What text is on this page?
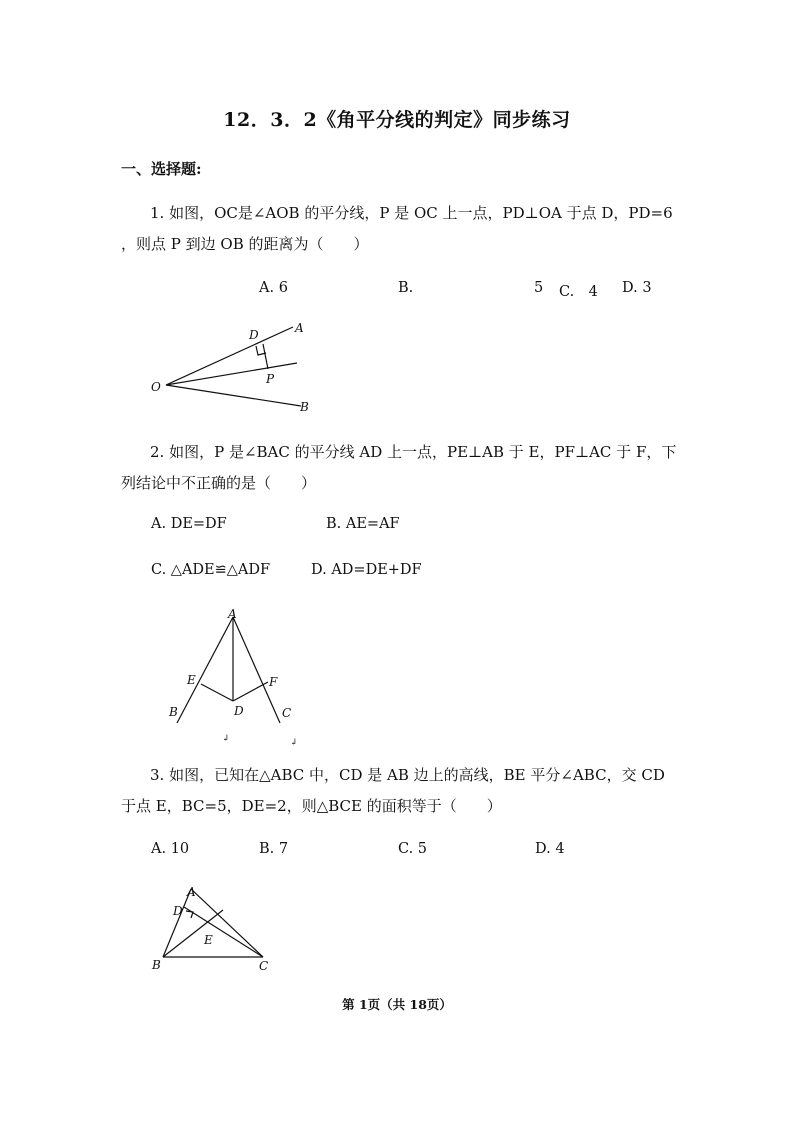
12．3．2《角平分线的判定》同步练习
一、选择题:
1. 如图，OC是∠AOB 的平分线，P 是 OC 上一点，PD⊥OA 于点 D，PD=6
，则点 P 到边 OB 的距离为（　　）
A. 6	B.	5 C.　4 D. 3
O
A
B
D
P
2. 如图，P 是∠BAC 的平分线 AD 上一点，PE⊥AB 于 E，PF⊥AC 于 F，下
列结论中不正确的是（　　）
A. DE=DF	B. AE=AF
C. △ADE≌△ADF	D. AD=DE+DF
A
E	F
B	D	C
↲	↲
3. 如图，已知在△ABC 中，CD 是 AB 边上的高线，BE 平分∠ABC，交 CD
于点 E，BC=5，DE=2，则△BCE 的面积等于（　　）
A. 10	B. 7	C. 5	D. 4
A
D
E
B	C
第 1页（共 18页）
